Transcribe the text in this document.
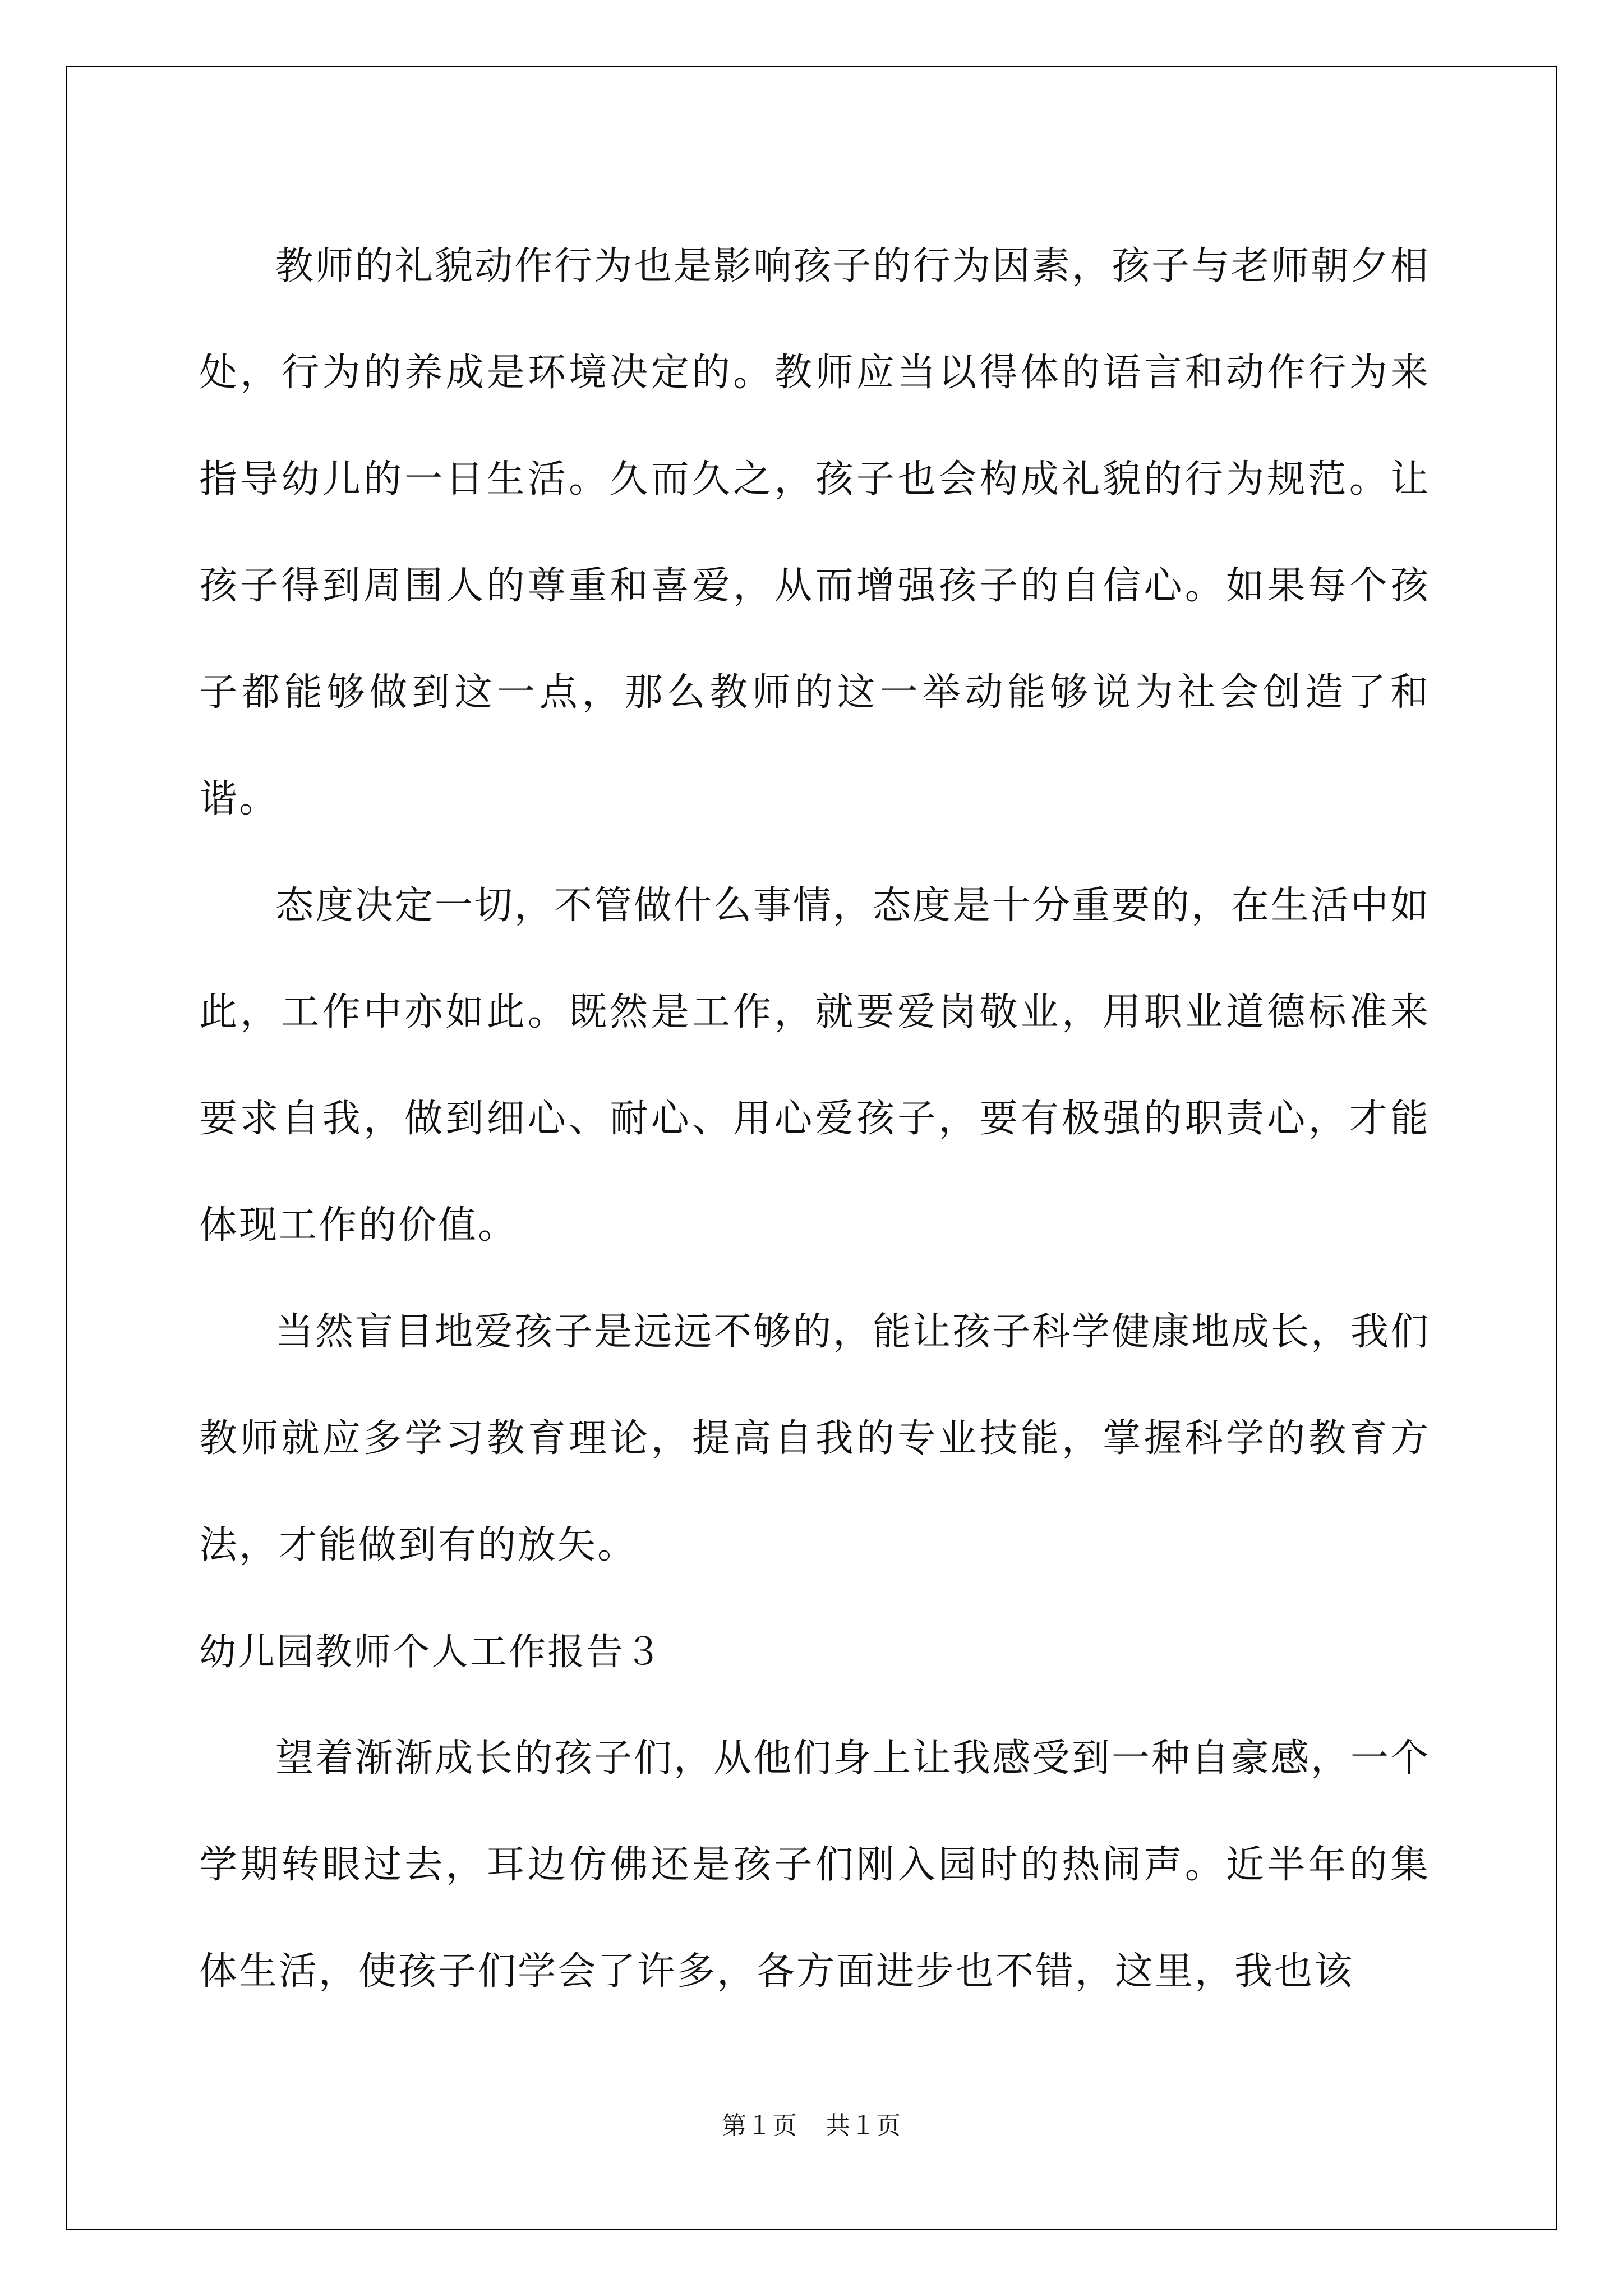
教师的礼貌动作行为也是影响孩子的行为因素，孩子与老师朝夕相处，行为的养成是环境决定的。教师应当以得体的语言和动作行为来指导幼儿的一日生活。久而久之，孩子也会构成礼貌的行为规范。让孩子得到周围人的尊重和喜爱，从而增强孩子的自信心。如果每个孩子都能够做到这一点，那么教师的这一举动能够说为社会创造了和谐。

态度决定一切，不管做什么事情，态度是十分重要的，在生活中如此，工作中亦如此。既然是工作，就要爱岗敬业，用职业道德标准来要求自我，做到细心、耐心、用心爱孩子，要有极强的职责心，才能体现工作的价值。

当然盲目地爱孩子是远远不够的，能让孩子科学健康地成长，我们教师就应多学习教育理论，提高自我的专业技能，掌握科学的教育方法，才能做到有的放矢。

幼儿园教师个人工作报告３

望着渐渐成长的孩子们，从他们身上让我感受到一种自豪感，一个学期转眼过去，耳边仿佛还是孩子们刚入园时的热闹声。近半年的集体生活，使孩子们学会了许多，各方面进步也不错，这里，我也该

第１页 共１页
